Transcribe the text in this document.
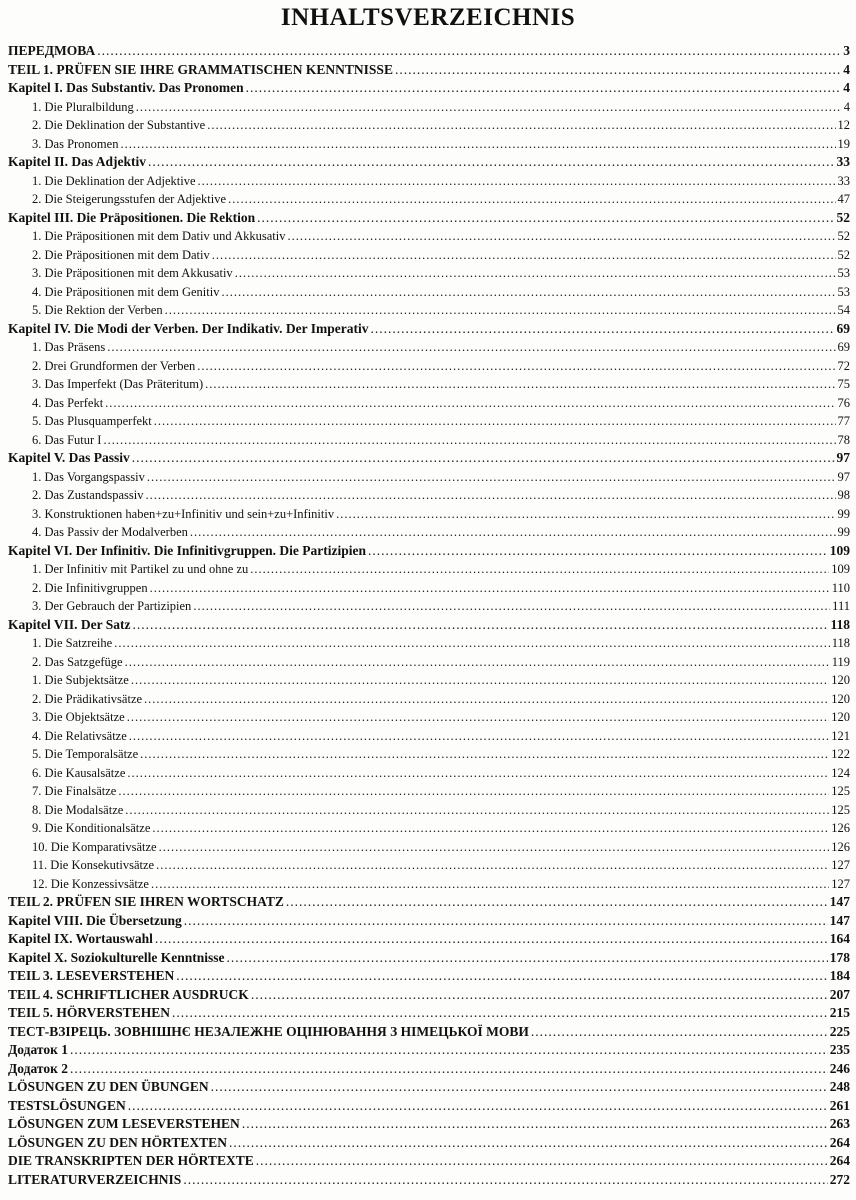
INHALTSVERZEICHNIS
ПЕРЕДМОВА .....	3
TEIL 1. PRÜFEN SIE IHRE GRAMMATISCHEN KENNTNISSE .....	4
Kapitel I. Das Substantiv. Das Pronomen .....	4
1. Die Pluralbildung .....	4
2. Die Deklination der Substantive .....	12
3. Das Pronomen .....	19
Kapitel II. Das Adjektiv .....	33
1. Die Deklination der Adjektive .....	33
2. Die Steigerungsstufen der Adjektive .....	47
Kapitel III. Die Präpositionen. Die Rektion .....	52
1. Die Präpositionen mit dem Dativ und Akkusativ .....	52
2. Die Präpositionen mit dem Dativ .....	52
3. Die Präpositionen mit dem Akkusativ .....	53
4. Die Präpositionen mit dem Genitiv .....	53
5. Die Rektion der Verben .....	54
Kapitel IV. Die Modi der Verben. Der Indikativ. Der Imperativ .....	69
1. Das Präsens .....	69
2. Drei Grundformen der Verben .....	72
3. Das Imperfekt (Das Präteritum) .....	75
4. Das Perfekt .....	76
5. Das Plusquamperfekt .....	77
6. Das Futur I .....	78
Kapitel V. Das Passiv .....	97
1. Das Vorgangspassiv .....	97
2. Das Zustandspassiv .....	98
3. Konstruktionen haben+zu+Infinitiv und sein+zu+Infinitiv .....	99
4. Das Passiv der Modalverben .....	99
Kapitel VI. Der Infinitiv. Die Infinitivgruppen. Die Partizipien .....	109
1. Der Infinitiv mit Partikel zu und ohne zu .....	109
2. Die Infinitivgruppen .....	110
3. Der Gebrauch der Partizipien .....	111
Kapitel VII. Der Satz .....	118
1. Die Satzreihe .....	118
2. Das Satzgefüge .....	119
1. Die Subjektsätze .....	120
2. Die Prädikativsätze .....	120
3. Die Objektsätze .....	120
4. Die Relativsätze .....	121
5. Die Temporalsätze .....	122
6. Die Kausalsätze .....	124
7. Die Finalsätze .....	125
8. Die Modalsätze .....	125
9. Die Konditionalsätze .....	126
10. Die Komparativsätze .....	126
11. Die Konsekutivsätze .....	127
12. Die Konzessivsätze .....	127
TEIL 2. PRÜFEN SIE IHREN WORTSCHATZ .....	147
Kapitel VIII. Die Übersetzung .....	147
Kapitel IX. Wortauswahl .....	164
Kapitel X. Soziokulturelle Kenntnisse .....	178
TEIL 3. LESEVERSTEHEN .....	184
TEIL 4. SCHRIFTLICHER AUSDRUCK .....	207
TEIL 5. HÖRVERSTEHEN .....	215
ТЕСТ-ВЗІРЕЦЬ. ЗОВНІШНЄ НЕЗАЛЕЖНЕ ОЦІНЮВАННЯ З НІМЕЦЬКОЇ МОВИ .....	225
Додаток 1 .....	235
Додаток 2 .....	246
LÖSUNGEN ZU DEN ÜBUNGEN .....	248
TESTSLÖSUNGEN .....	261
LÖSUNGEN ZUM LESEVERSTEHEN .....	263
LÖSUNGEN ZU DEN HÖRTEXTEN .....	264
DIE TRANSKRIPTEN DER HÖRTEXTE .....	264
LITERATURVERZEICHNIS .....	272
